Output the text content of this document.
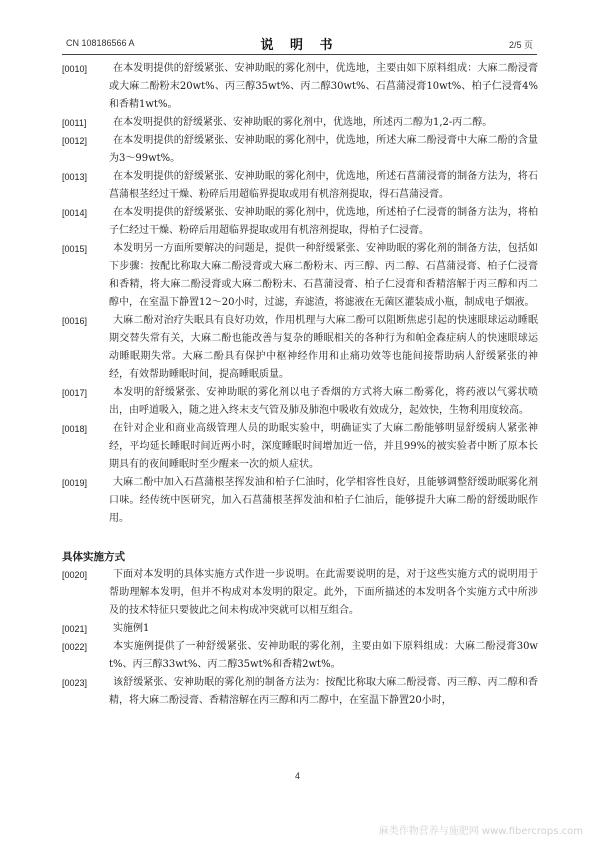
CN 108186566 A	说 明 书	2/5 页
[0010]	在本发明提供的舒缓紧张、安神助眠的雾化剂中，优选地，主要由如下原料组成：大麻二酚浸膏或大麻二酚粉末20wt%、丙三醇35wt%、丙二醇30wt%、石菖蒲浸膏10wt%、柏子仁浸膏4%和香精1wt%。
[0011]	在本发明提供的舒缓紧张、安神助眠的雾化剂中，优选地，所述丙二醇为1,2-丙二醇。
[0012]	在本发明提供的舒缓紧张、安神助眠的雾化剂中，优选地，所述大麻二酚浸膏中大麻二酚的含量为3～99wt%。
[0013]	在本发明提供的舒缓紧张、安神助眠的雾化剂中，优选地，所述石菖蒲浸膏的制备方法为，将石菖蒲根茎经过干燥、粉碎后用超临界提取或用有机溶剂提取，得石菖蒲浸膏。
[0014]	在本发明提供的舒缓紧张、安神助眠的雾化剂中，优选地，所述柏子仁浸膏的制备方法为，将柏子仁经过干燥、粉碎后用超临界提取或用有机溶剂提取，得柏子仁浸膏。
[0015]	本发明另一方面所要解决的问题是，提供一种舒缓紧张、安神助眠的雾化剂的制备方法，包括如下步骤：按配比称取大麻二酚浸膏或大麻二酚粉末、丙三醇、丙二醇、石菖蒲浸膏、柏子仁浸膏和香精，将大麻二酚浸膏或大麻二酚粉末、石菖蒲浸膏、柏子仁浸膏和香精溶解于丙三醇和丙二醇中，在室温下静置12～20小时，过滤，弃滤渣，将滤液在无菌区灌装成小瓶，制成电子烟液。
[0016]	大麻二酚对治疗失眠具有良好功效，作用机理与大麻二酚可以阻断焦虑引起的快速眼球运动睡眠期交替失常有关，大麻二酚也能改善与复杂的睡眠相关的各种行为和帕金森症病人的快速眼球运动睡眠期失常。大麻二酚具有保护中枢神经作用和止痛功效等也能间接帮助病人舒缓紧张的神经，有效帮助睡眠时间，提高睡眠质量。
[0017]	本发明的舒缓紧张、安神助眠的雾化剂以电子香烟的方式将大麻二酚雾化，将药液以气雾状喷出，由呼道吸入，随之进入终末支气管及肺及肺泡中吸收有效成分，起效快，生物利用度较高。
[0018]	在针对企业和商业高级管理人员的助眠实验中，明确证实了大麻二酚能够明显舒缓病人紧张神经，平均延长睡眠时间近两小时，深度睡眠时间增加近一倍，并且99%的被实验者中断了原本长期具有的夜间睡眠时至少醒来一次的烦人症状。
[0019]	大麻二酚中加入石菖蒲根茎挥发油和柏子仁油时，化学相容性良好，且能够调整舒缓助眠雾化剂口味。经传统中医研究，加入石菖蒲根茎挥发油和柏子仁油后，能够提升大麻二酚的舒缓助眠作用。
具体实施方式
[0020]	下面对本发明的具体实施方式作进一步说明。在此需要说明的是，对于这些实施方式的说明用于帮助理解本发明，但并不构成对本发明的限定。此外，下面所描述的本发明各个实施方式中所涉及的技术特征只要彼此之间未构成冲突就可以相互组合。
[0021]	实施例1
[0022]	本实施例提供了一种舒缓紧张、安神助眠的雾化剂，主要由如下原料组成：大麻二酚浸膏30wt%、丙三醇33wt%、丙二醇35wt%和香精2wt%。
[0023]	该舒缓紧张、安神助眠的雾化剂的制备方法为：按配比称取大麻二酚浸膏、丙三醇、丙二醇和香精，将大麻二酚浸膏、香精溶解在丙三醇和丙二醇中，在室温下静置20小时，
4
麻类作物营养与施肥网 www.fibercrops.com
